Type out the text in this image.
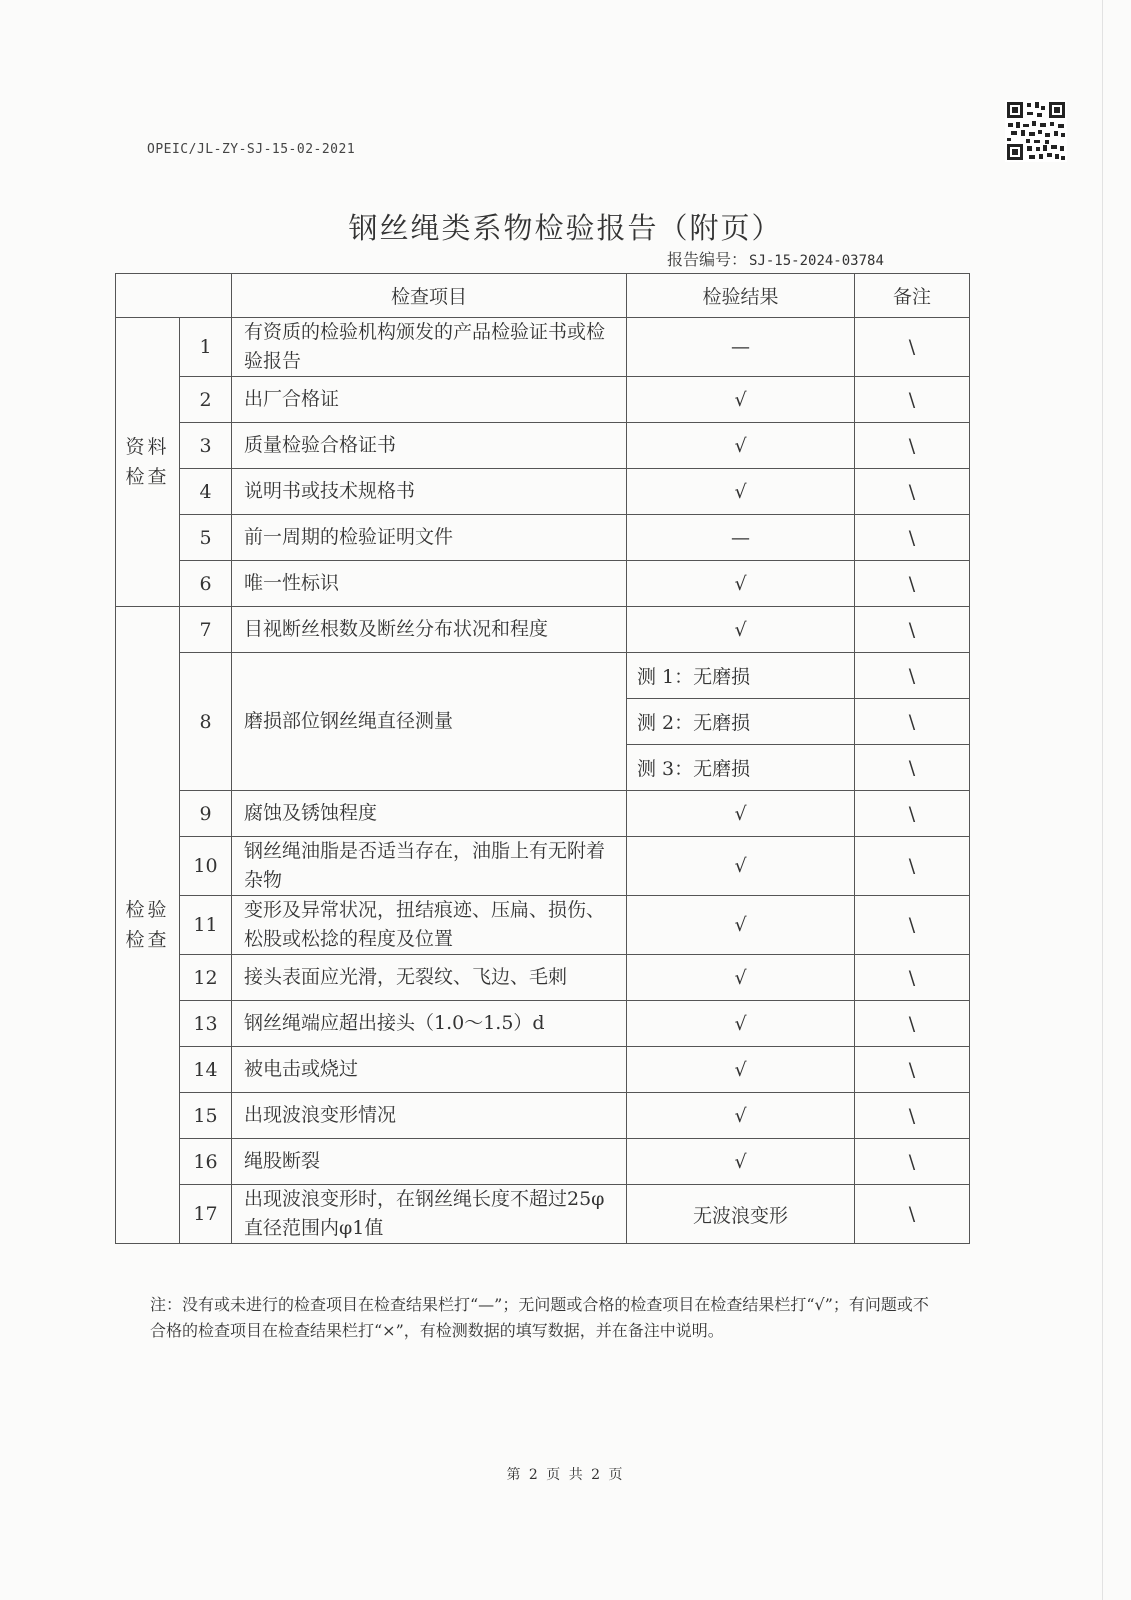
OPEIC/JL-ZY-SJ-15-02-2021
钢丝绳类系物检验报告（附页）
报告编号： SJ-15-2024-03784
		检查项目	检验结果	备注

资料检查	1	有资质的检验机构颁发的产品检验证书或检验报告	—	\
	2	出厂合格证	√	\
	3	质量检验合格证书	√	\
	4	说明书或技术规格书	√	\
	5	前一周期的检验证明文件	—	\
	6	唯一性标识	√	\

检验检查	7	目视断丝根数及断丝分布状况和程度	√	\
	8	磨损部位钢丝绳直径测量	测 1：无磨损	\
			测 2：无磨损	\
			测 3：无磨损	\
	9	腐蚀及锈蚀程度	√	\
	10	钢丝绳油脂是否适当存在，油脂上有无附着杂物	√	\
	11	变形及异常状况，扭结痕迹、压扁、损伤、松股或松捻的程度及位置	√	\
	12	接头表面应光滑，无裂纹、飞边、毛刺	√	\
	13	钢丝绳端应超出接头（1.0～1.5）d	√	\
	14	被电击或烧过	√	\
	15	出现波浪变形情况	√	\
	16	绳股断裂	√	\
	17	出现波浪变形时，在钢丝绳长度不超过25φ直径范围内φ1值	无波浪变形	\
注：没有或未进行的检查项目在检查结果栏打“—”；无问题或合格的检查项目在检查结果栏打“√”；有问题或不合格的检查项目在检查结果栏打“×”，有检测数据的填写数据，并在备注中说明。
第 2 页 共 2 页
